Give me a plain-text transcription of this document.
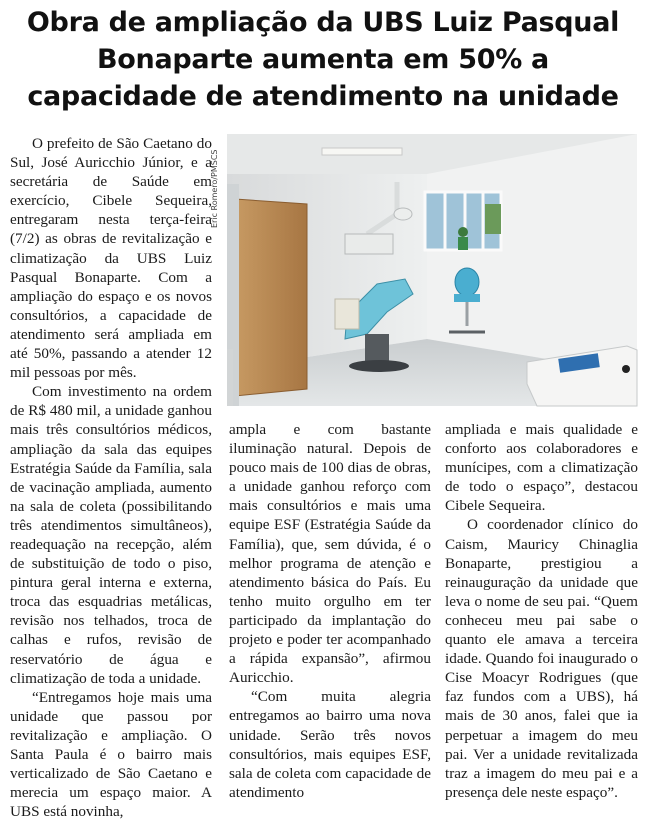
Obra de ampliação da UBS Luiz Pasqual Bonaparte aumenta em 50% a capacidade de atendimento na unidade
Eric Romero/PMSCS

O prefeito de São Caetano do Sul, José Auricchio Júnior, e a secretária de Saúde em exercício, Cibele Sequeira, entregaram nesta terça-feira (7/2) as obras de revitalização e climatização da UBS Luiz Pasqual Bonaparte. Com a ampliação do espaço e os novos consultórios, a capacidade de atendimento será ampliada em até 50%, passando a atender 12 mil pessoas por mês.

Com investimento na ordem de R$ 480 mil, a unidade ganhou mais três consultórios médicos, ampliação da sala das equipes Estratégia Saúde da Família, sala de vacinação ampliada, aumento na sala de coleta (possibilitando três atendimentos simultâneos), readequação na recepção, além de substituição de todo o piso, pintura geral interna e externa, troca das esquadrias metálicas, revisão nos telhados, troca de calhas e rufos, revisão de reservatório de água e climatização de toda a unidade.

“Entregamos hoje mais uma unidade que passou por revitalização e ampliação. O Santa Paula é o bairro mais verticalizado de São Caetano e merecia um espaço maior. A UBS está novinha,

ampla e com bastante iluminação natural. Depois de pouco mais de 100 dias de obras, a unidade ganhou reforço com mais consultórios e mais uma equipe ESF (Estratégia Saúde da Família), que, sem dúvida, é o melhor programa de atenção e atendimento básica do País. Eu tenho muito orgulho em ter participado da implantação do projeto e poder ter acompanhado a rápida expansão”, afirmou Auricchio.

“Com muita alegria entregamos ao bairro uma nova unidade. Serão três novos consultórios, mais equipes ESF, sala de coleta com capacidade de atendimento

ampliada e mais qualidade e conforto aos colaboradores e munícipes, com a climatização de todo o espaço”, destacou Cibele Sequeira.

O coordenador clínico do Caism, Mauricy Chinaglia Bonaparte, prestigiou a reinauguração da unidade que leva o nome de seu pai. “Quem conheceu meu pai sabe o quanto ele amava a terceira idade. Quando foi inaugurado o Cise Moacyr Rodrigues (que faz fundos com a UBS), há mais de 30 anos, falei que ia perpetuar a imagem do meu pai. Ver a unidade revitalizada traz a imagem do meu pai e a presença dele neste espaço”.
